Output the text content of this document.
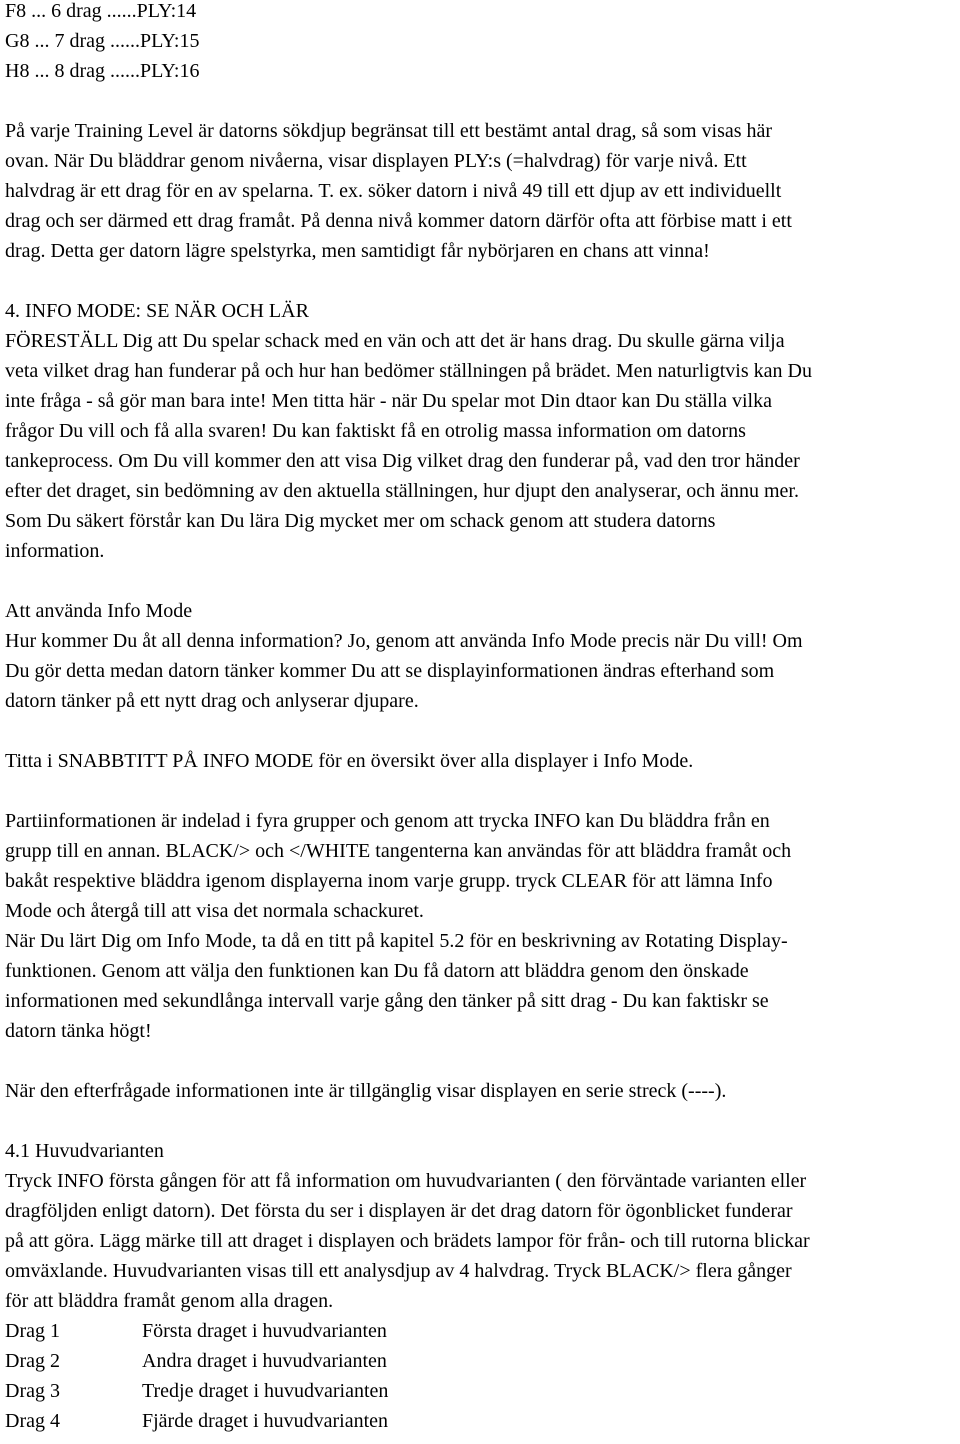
F8 ... 6 drag ......PLY:14
G8 ... 7 drag ......PLY:15
H8 ... 8 drag ......PLY:16
På varje Training Level är datorns sökdjup begränsat till ett bestämt antal drag, så som visas här
ovan. När Du bläddrar genom nivåerna, visar displayen PLY:s (=halvdrag) för varje nivå. Ett
halvdrag är ett drag för en av spelarna. T. ex. söker datorn i nivå 49 till ett djup av ett individuellt
drag och ser därmed ett drag framåt. På denna nivå kommer datorn därför ofta att förbise matt i ett
drag. Detta ger datorn lägre spelstyrka, men samtidigt får nybörjaren en chans att vinna!
4. INFO MODE: SE NÄR OCH LÄR
FÖRESTÄLL Dig att Du spelar schack med en vän och att det är hans drag. Du skulle gärna vilja
veta vilket drag han funderar på och hur han bedömer ställningen på brädet. Men naturligtvis kan Du
inte fråga - så gör man bara inte! Men titta här - när Du spelar mot Din dtaor kan Du ställa vilka
frågor Du vill och få alla svaren! Du kan faktiskt få en otrolig massa information om datorns
tankeprocess. Om Du vill kommer den att visa Dig vilket drag den funderar på, vad den tror händer
efter det draget, sin bedömning av den aktuella ställningen, hur djupt den analyserar, och ännu mer.
Som Du säkert förstår kan Du lära Dig mycket mer om schack genom att studera datorns
information.
Att använda Info Mode
Hur kommer Du åt all denna information? Jo, genom att använda Info Mode precis när Du vill! Om
Du gör detta medan datorn tänker kommer Du att se displayinformationen ändras efterhand som
datorn tänker på ett nytt drag och anlyserar djupare.
Titta i SNABBTITT PÅ INFO MODE för en översikt över alla displayer i Info Mode.
Partiinformationen är indelad i fyra grupper och genom att trycka INFO kan Du bläddra från en
grupp till en annan. BLACK/> och </WHITE tangenterna kan användas för att bläddra framåt och
bakåt respektive bläddra igenom displayerna inom varje grupp. tryck CLEAR för att lämna Info
Mode och återgå till att visa det normala schackuret.
När Du lärt Dig om Info Mode, ta då en titt på kapitel 5.2 för en beskrivning av Rotating Display-
funktionen. Genom att välja den funktionen kan Du få datorn att bläddra genom den önskade
informationen med sekundlånga intervall varje gång den tänker på sitt drag - Du kan faktiskr se
datorn tänka högt!
När den efterfrågade informationen inte är tillgänglig visar displayen en serie streck (----).
4.1 Huvudvarianten
Tryck INFO första gången för att få information om huvudvarianten ( den förväntade varianten eller
dragföljden enligt datorn). Det första du ser i displayen är det drag datorn för ögonblicket funderar
på att göra. Lägg märke till att draget i displayen och brädets lampor för från- och till rutorna blickar
omväxlande. Huvudvarianten visas till ett analysdjup av 4 halvdrag. Tryck BLACK/> flera gånger
för att bläddra framåt genom alla dragen.
Drag 1	Första draget i huvudvarianten
Drag 2	Andra draget i huvudvarianten
Drag 3	Tredje draget i huvudvarianten
Drag 4	Fjärde draget i huvudvarianten
